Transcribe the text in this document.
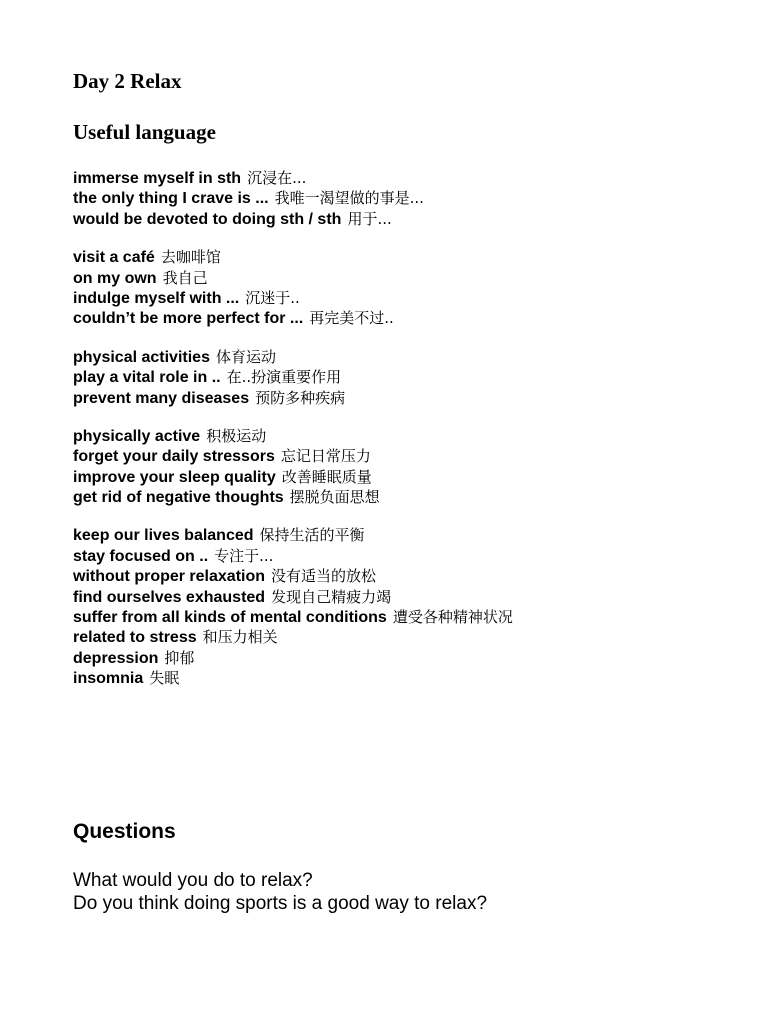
Day 2 Relax
Useful language
immerse myself in sth 沉浸在...
the only thing I crave is ... 我唯一渴望做的事是...
would be devoted to doing sth / sth 用于...
visit a café 去咖啡馆
on my own 我自己
indulge myself with ... 沉迷于..
couldn’t be more perfect for ... 再完美不过..
physical activities 体育运动
play a vital role in .. 在..扮演重要作用
prevent many diseases 预防多种疾病
physically active 积极运动
forget your daily stressors 忘记日常压力
improve your sleep quality 改善睡眠质量
get rid of negative thoughts 摆脱负面思想
keep our lives balanced 保持生活的平衡
stay focused on .. 专注于...
without proper relaxation 没有适当的放松
find ourselves exhausted 发现自己精疲力竭
suffer from all kinds of mental conditions 遭受各种精神状况
related to stress 和压力相关
depression 抑郁
insomnia 失眠
Questions
What would you do to relax?
Do you think doing sports is a good way to relax?
